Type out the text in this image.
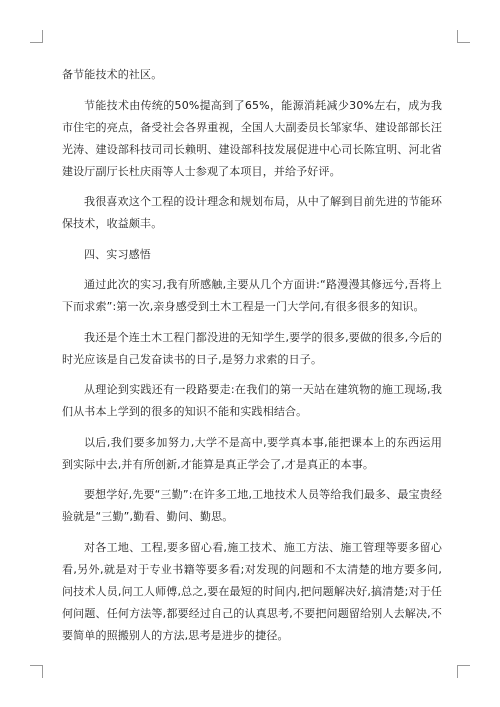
备节能技术的社区。

节能技术由传统的50%提高到了65%，能源消耗减少30%左右，成为我市住宅的亮点，备受社会各界重视，全国人大副委员长邹家华、建设部部长汪光涛、建设部科技司司长赖明、建设部科技发展促进中心司长陈宜明、河北省建设厅副厅长杜庆雨等人士参观了本项目，并给予好评。

我很喜欢这个工程的设计理念和规划布局，从中了解到目前先进的节能环保技术，收益颇丰。

四、实习感悟

通过此次的实习,我有所感触,主要从几个方面讲:“路漫漫其修远兮,吾将上下而求索”:第一次,亲身感受到土木工程是一门大学问,有很多很多的知识。

我还是个连土木工程门都没进的无知学生,要学的很多,要做的很多,今后的时光应该是自己发奋读书的日子,是努力求索的日子。

从理论到实践还有一段路要走:在我们的第一天站在建筑物的施工现场,我们从书本上学到的很多的知识不能和实践相结合。

以后,我们要多加努力,大学不是高中,要学真本事,能把课本上的东西运用到实际中去,并有所创新,才能算是真正学会了,才是真正的本事。

要想学好,先要“三勤”:在许多工地,工地技术人员等给我们最多、最宝贵经验就是“三勤”,勤看、勤问、勤思。

对各工地、工程,要多留心看,施工技术、施工方法、施工管理等要多留心看,另外,就是对于专业书籍等要多看;对发现的问题和不太清楚的地方要多问,问技术人员,问工人师傅,总之,要在最短的时间内,把问题解决好,搞清楚;对于任何问题、任何方法等,都要经过自己的认真思考,不要把问题留给别人去解决,不要简单的照搬别人的方法,思考是进步的捷径。
